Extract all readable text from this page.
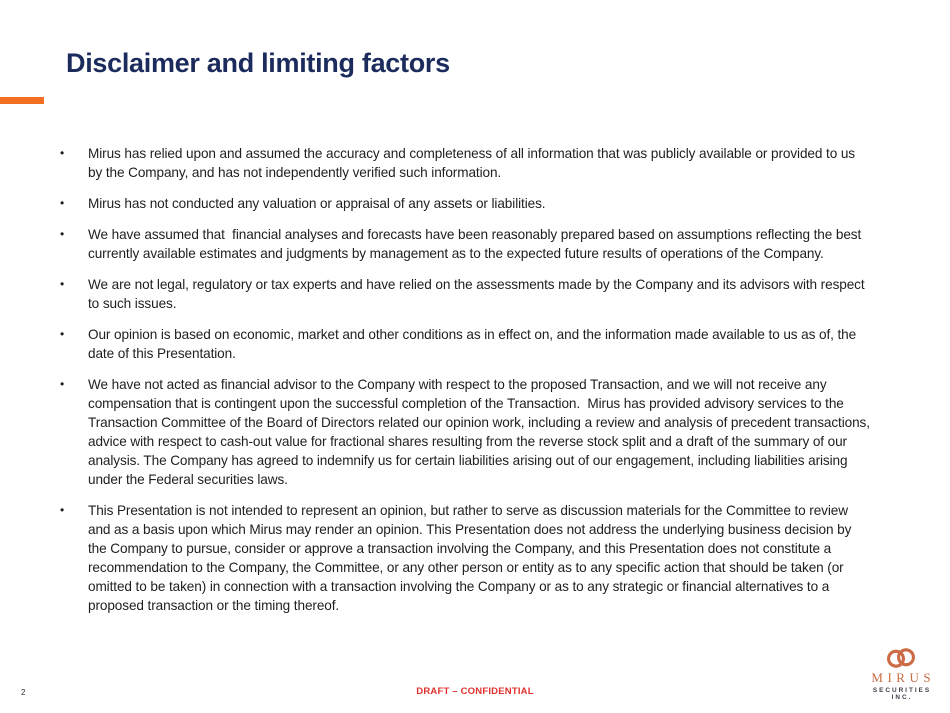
Disclaimer and limiting factors
• Mirus has relied upon and assumed the accuracy and completeness of all information that was publicly available or provided to us by the Company, and has not independently verified such information.
• Mirus has not conducted any valuation or appraisal of any assets or liabilities.
• We have assumed that  financial analyses and forecasts have been reasonably prepared based on assumptions reflecting the best currently available estimates and judgments by management as to the expected future results of operations of the Company.
• We are not legal, regulatory or tax experts and have relied on the assessments made by the Company and its advisors with respect to such issues.
• Our opinion is based on economic, market and other conditions as in effect on, and the information made available to us as of, the date of this Presentation.
• We have not acted as financial advisor to the Company with respect to the proposed Transaction, and we will not receive any compensation that is contingent upon the successful completion of the Transaction.  Mirus has provided advisory services to the Transaction Committee of the Board of Directors related our opinion work, including a review and analysis of precedent transactions, advice with respect to cash-out value for fractional shares resulting from the reverse stock split and a draft of the summary of our analysis. The Company has agreed to indemnify us for certain liabilities arising out of our engagement, including liabilities arising under the Federal securities laws.
• This Presentation is not intended to represent an opinion, but rather to serve as discussion materials for the Committee to review and as a basis upon which Mirus may render an opinion. This Presentation does not address the underlying business decision by the Company to pursue, consider or approve a transaction involving the Company, and this Presentation does not constitute a recommendation to the Company, the Committee, or any other person or entity as to any specific action that should be taken (or omitted to be taken) in connection with a transaction involving the Company or as to any strategic or financial alternatives to a proposed transaction or the timing thereof.
2	DRAFT – CONFIDENTIAL
MIRUS
SECURITIES INC.
